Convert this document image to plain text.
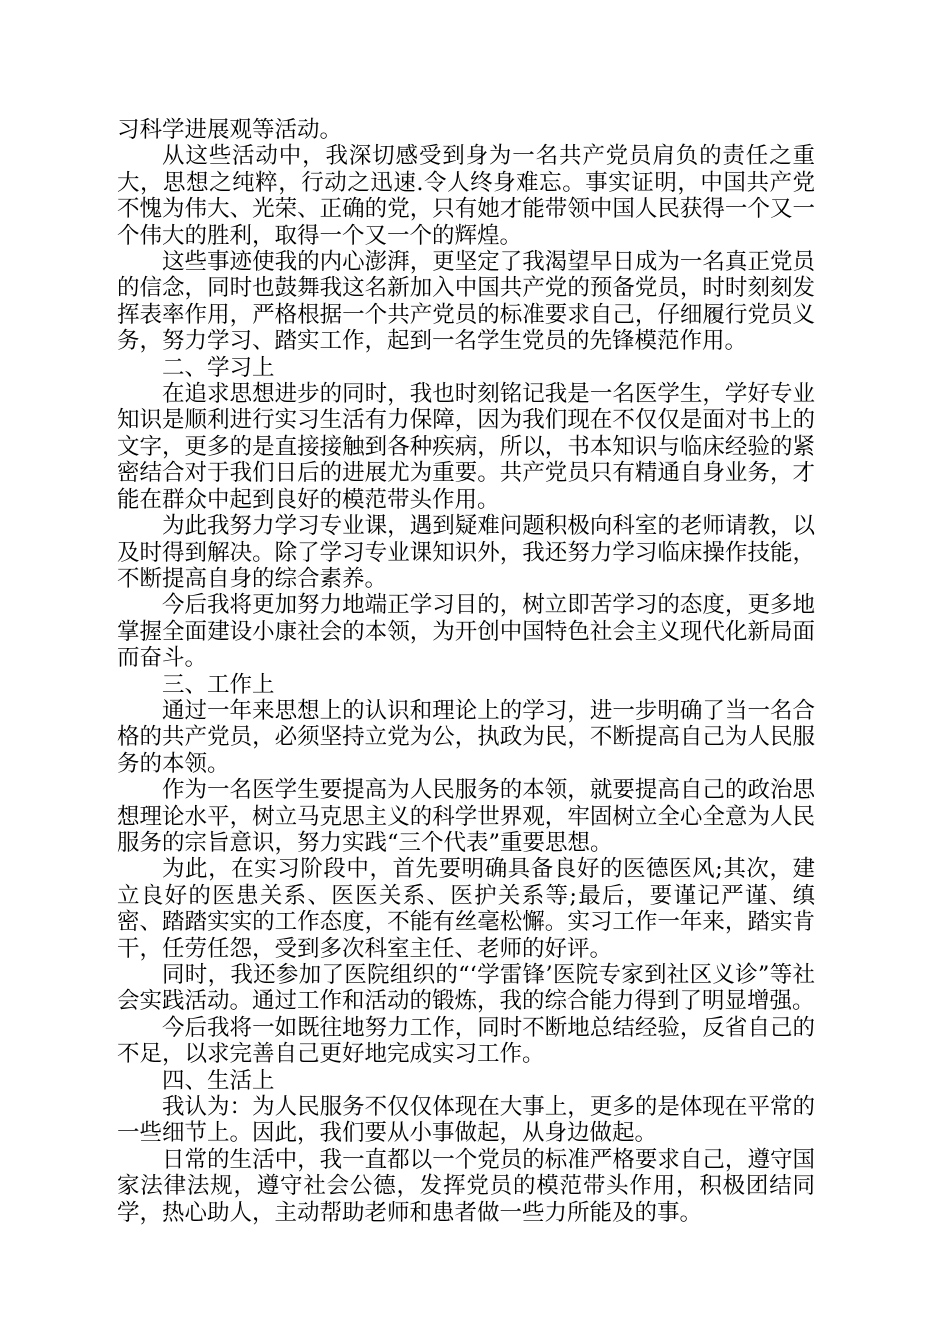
习科学进展观等活动。

从这些活动中，我深切感受到身为一名共产党员肩负的责任之重大，思想之纯粹，行动之迅速.令人终身难忘。事实证明，中国共产党不愧为伟大、光荣、正确的党，只有她才能带领中国人民获得一个又一个伟大的胜利，取得一个又一个的辉煌。

这些事迹使我的内心澎湃，更坚定了我渴望早日成为一名真正党员的信念，同时也鼓舞我这名新加入中国共产党的预备党员，时时刻刻发挥表率作用，严格根据一个共产党员的标准要求自己，仔细履行党员义务，努力学习、踏实工作，起到一名学生党员的先锋模范作用。

二、学习上

在追求思想进步的同时，我也时刻铭记我是一名医学生，学好专业知识是顺利进行实习生活有力保障，因为我们现在不仅仅是面对书上的文字，更多的是直接接触到各种疾病，所以，书本知识与临床经验的紧密结合对于我们日后的进展尤为重要。共产党员只有精通自身业务，才能在群众中起到良好的模范带头作用。

为此我努力学习专业课，遇到疑难问题积极向科室的老师请教，以及时得到解决。除了学习专业课知识外，我还努力学习临床操作技能，不断提高自身的综合素养。

今后我将更加努力地端正学习目的，树立即苦学习的态度，更多地掌握全面建设小康社会的本领，为开创中国特色社会主义现代化新局面而奋斗。

三、工作上

通过一年来思想上的认识和理论上的学习，进一步明确了当一名合格的共产党员，必须坚持立党为公，执政为民，不断提高自己为人民服务的本领。

作为一名医学生要提高为人民服务的本领，就要提高自己的政治思想理论水平，树立马克思主义的科学世界观，牢固树立全心全意为人民服务的宗旨意识，努力实践“三个代表”重要思想。

为此，在实习阶段中，首先要明确具备良好的医德医风;其次，建立良好的医患关系、医医关系、医护关系等;最后，要谨记严谨、缜密、踏踏实实的工作态度，不能有丝毫松懈。实习工作一年来，踏实肯干，任劳任怨，受到多次科室主任、老师的好评。

同时，我还参加了医院组织的“‘学雷锋’医院专家到社区义诊”等社会实践活动。通过工作和活动的锻炼，我的综合能力得到了明显增强。

今后我将一如既往地努力工作，同时不断地总结经验，反省自己的不足，以求完善自己更好地完成实习工作。

四、生活上

我认为：为人民服务不仅仅体现在大事上，更多的是体现在平常的一些细节上。因此，我们要从小事做起，从身边做起。

日常的生活中，我一直都以一个党员的标准严格要求自己，遵守国家法律法规，遵守社会公德，发挥党员的模范带头作用，积极团结同学，热心助人，主动帮助老师和患者做一些力所能及的事。
